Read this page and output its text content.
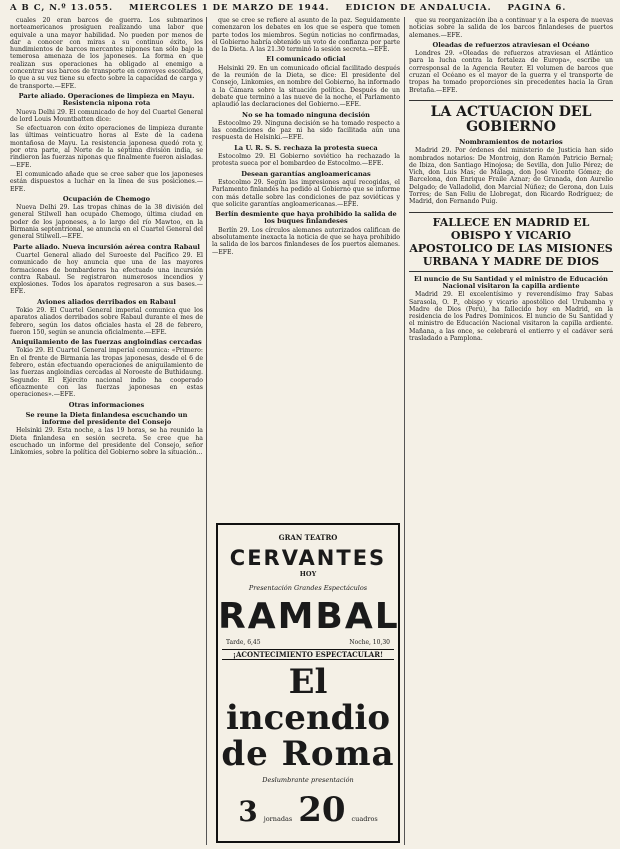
A B C, N.º 13.055. MIERCOLES 1 DE MARZO DE 1944. EDICION DE ANDALUCIA. PAGINA 6.

cuales 20 eran barcos de guerra. Los submarinos norteamericanos prosiguen realizando una labor que equivale a una mayor habilidad. No pueden por menos de dar a conocer con miras a su continuo éxito, los hundimientos de barcos mercantes nipones tan sólo bajo la temerosa amenaza de los japoneses. La forma en que realizan sus operaciones ha obligado al enemigo a concentrar sus barcos de transporte en convoyes escoltados, lo que a su vez tiene su efecto sobre la capacidad de carga y de transporte.—EFE.

Parte aliado. Operaciones de limpieza en Mayu. Resistencia nipona rota

Nueva Delhi 29. El comunicado de hoy del Cuartel General de lord Louis Mountbatten dice:

Se efectuaron con éxito operaciones de limpieza durante las últimas veinticuatro horas al Este de la cadena montañosa de Mayu. La resistencia japonesa quedó rota y, por otra parte, al Norte de la séptima división india, se rindieron las fuerzas niponas que finalmente fueron aisladas.—EFE.

El comunicado añade que se cree saber que los japoneses están dispuestos a luchar en la línea de sus posiciones.—EFE.

Ocupación de Chemogo

Nueva Delhi 29. Las tropas chinas de la 38 división del general Stilwell han ocupado Chemogo, última ciudad en poder de los japoneses, a lo largo del río Mawtoo, en la Birmania septentrional, se anuncia en el Cuartel General del general Stilwell.—EFE.

Parte aliado. Nueva incursión aérea contra Rabaul

Cuartel General aliado del Suroeste del Pacífico 29. El comunicado de hoy anuncia que una de las mayores formaciones de bombarderos ha efectuado una incursión contra Rabaul. Se registraron numerosos incendios y explosiones. Todos los aparatos regresaron a sus bases.—EFE.

Aviones aliados derribados en Rabaul

Tokio 29. El Cuartel General imperial comunica que los aparatos aliados derribados sobre Rabaul durante el mes de febrero, según los datos oficiales hasta el 28 de febrero, fueron 150, según se anuncia oficialmente.—EFE.

Aniquilamiento de las fuerzas angloindias cercadas

Tokio 29. El Cuartel General imperial comunica: «Primero: En el frente de Birmania las tropas japonesas, desde el 6 de febrero, están efectuando operaciones de aniquilamiento de las fuerzas angloindias cercadas al Noroeste de Buthidaung. Segundo: El Ejército nacional indio ha cooperado eficazmente con las fuerzas japonesas en estas operaciones».—EFE.

Otras informaciones
Se reune la Dieta finlandesa escuchando un informe del presidente del Consejo

Helsinki 29. Esta noche, a las 19 horas, se ha reunido la Dieta finlandesa en sesión secreta. Se cree que ha escuchado un informe del presidente del Consejo, señor Linkomies, sobre la política del Gobierno sobre la situación...

que se cree se refiere al asunto de la paz. Seguidamente comenzaron los debates en los que se espera que tomen parte todos los miembros. Según noticias no confirmadas, el Gobierno habría obtenido un voto de confianza por parte de la Dieta. A las 21.30 terminó la sesión secreta.—EFE.

El comunicado oficial

Helsinki 29. En un comunicado oficial facilitado después de la reunión de la Dieta, se dice: El presidente del Consejo, Linkomies, en nombre del Gobierno, ha informado a la Cámara sobre la situación política. Después de un debate que terminó a las nueve de la noche, el Parlamento aplaudió las declaraciones del Gobierno.—EFE.

No se ha tomado ninguna decisión

Estocolmo 29. Ninguna decisión se ha tomado respecto a las condiciones de paz ni ha sido facilitada aún una respuesta de Helsinki.—EFE.

La U. R. S. S. rechaza la protesta sueca

Estocolmo 29. El Gobierno soviético ha rechazado la protesta sueca por el bombardeo de Estocolmo.—EFE.

Desean garantías angloamericanas

Estocolmo 29. Según las impresiones aquí recogidas, el Parlamento finlandés ha pedido al Gobierno que se informe con más detalle sobre las condiciones de paz soviéticas y que solicite garantías angloamericanas.—EFE.

Berlín desmiente que haya prohibido la salida de los buques finlandeses

Berlín 29. Los círculos alemanes autorizados califican de absolutamente inexacta la noticia de que se haya prohibido la salida de los barcos finlandeses de los puertos alemanes.—EFE.

GRAN TEATRO
CERVANTES
HOY
Presentación Grandes Espectáculos
RAMBAL
Tarde, 6,45	Noche, 10,30
¡ACONTECIMIENTO ESPECTACULAR!
El incendio
de Roma
Deslumbrante presentación
3 jornadas 20 cuadros

que su reorganización iba a continuar y a la espera de nuevas noticias sobre la salida de los barcos finlandeses de puertos alemanes.—EFE.

Oleadas de refuerzos atraviesan el Océano

Londres 29. «Oleadas de refuerzos atraviesan el Atlántico para la lucha contra la fortaleza de Europa», escribe un corresponsal de la Agencia Reuter. El volumen de barcos que cruzan el Océano es el mayor de la guerra y el transporte de tropas ha tomado proporciones sin precedentes hacia la Gran Bretaña.—EFE.

LA ACTUACION DEL GOBIERNO
Nombramientos de notarios

Madrid 29. Por órdenes del ministerio de Justicia han sido nombrados notarios: De Montroig, don Ramón Patricio Bernal; de Ibiza, don Santiago Hinojosa; de Sevilla, don Julio Pérez; de Vich, don Luis Mas; de Málaga, don José Vicente Gómez; de Barcelona, don Enrique Fraile Aznar; de Granada, don Aurelio Delgado; de Valladolid, don Marcial Núñez; de Gerona, don Luis Torres; de San Feliu de Llobregat, don Ricardo Rodríguez; de Madrid, don Fernando Puig.

FALLECE EN MADRID EL OBISPO Y VICARIO APOSTOLICO DE LAS MISIONES URBANA Y MADRE DE DIOS
El nuncio de Su Santidad y el ministro de Educación Nacional visitaron la capilla ardiente

Madrid 29. El excelentísimo y reverendísimo fray Sabas Sarasola, O. P., obispo y vicario apostólico del Urubamba y Madre de Dios (Perú), ha fallecido hoy en Madrid, en la residencia de los Padres Dominicos. El nuncio de Su Santidad y el ministro de Educación Nacional visitaron la capilla ardiente. Mañana, a las once, se celebrará el entierro y el cadáver será trasladado a Pamplona.
